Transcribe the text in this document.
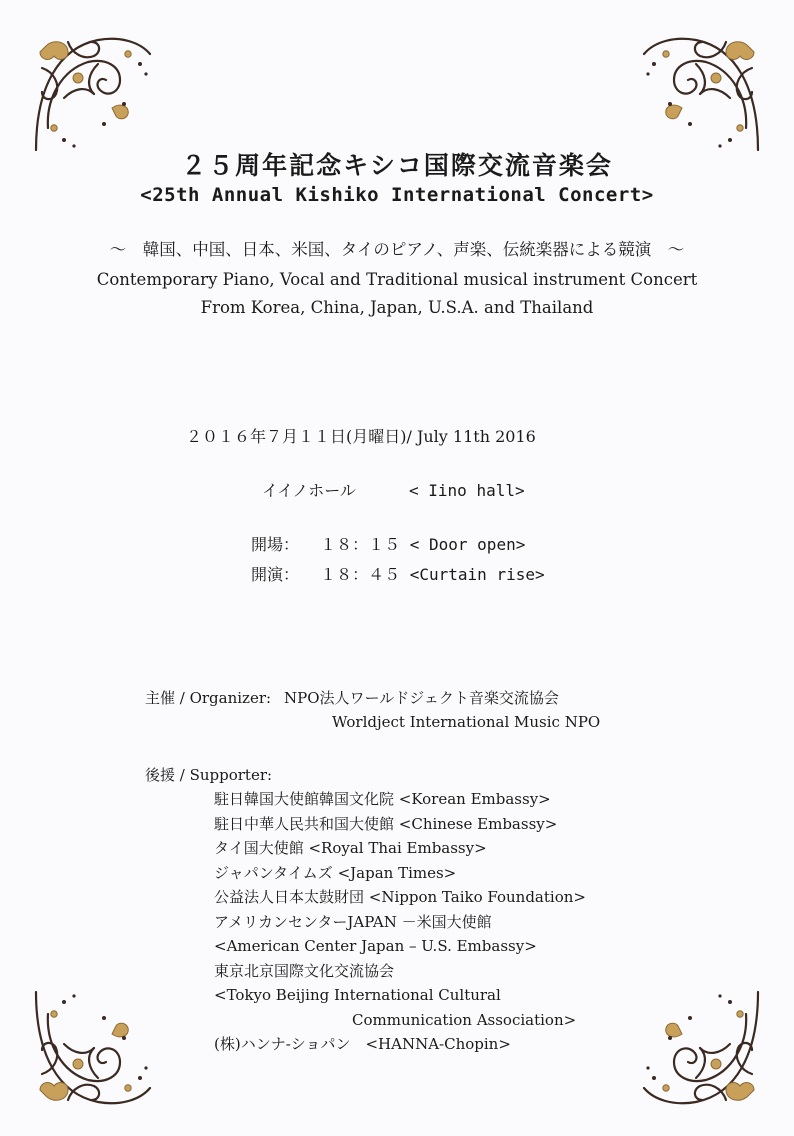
２５周年記念キシコ国際交流音楽会
<25th Annual Kishiko International Concert>
～　韓国、中国、日本、米国、タイのピアノ、声楽、伝統楽器による競演　～
Contemporary Piano, Vocal and Traditional musical instrument Concert
From Korea, China, Japan, U.S.A. and Thailand
２０１６年７月１１日(月曜日)/ July 11th 2016
イイノホール	< Iino hall>
開場： １８：１５ < Door open>
開演： １８：４５ <Curtain rise>
主催 / Organizer: NPO法人ワールドジェクト音楽交流協会
Worldject International Music NPO
後援 / Supporter:
駐日韓国大使館韓国文化院 <Korean Embassy>
駐日中華人民共和国大使館 <Chinese Embassy>
タイ国大使館 <Royal Thai Embassy>
ジャパンタイムズ <Japan Times>
公益法人日本太鼓財団 <Nippon Taiko Foundation>
アメリカンセンターJAPAN －米国大使館
<American Center Japan – U.S. Embassy>
東京北京国際文化交流協会
<Tokyo Beijing International Cultural
Communication Association>
(株)ハンナ-ショパン　<HANNA-Chopin>
